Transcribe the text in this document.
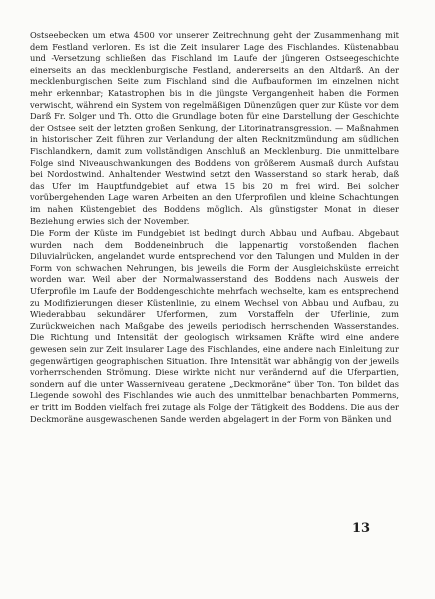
Ostseebecken um etwa 4500 vor unserer Zeitrechnung geht der Zusammenhang mit dem Festland verloren. Es ist die Zeit insularer Lage des Fischlandes. Küstenabbau und -Versetzung schließen das Fischland im Laufe der jüngeren Ostseegeschichte einerseits an das mecklenburgische Festland, andererseits an den Altdarß. An der mecklenburgischen Seite zum Fischland sind die Aufbauformen im einzelnen nicht mehr erkennbar; Katastrophen bis in die jüngste Vergangenheit haben die Formen verwischt, während ein System von regelmäßigen Dünenzügen quer zur Küste vor dem Darß Fr. Solger und Th. Otto die Grundlage boten für eine Darstellung der Geschichte der Ostsee seit der letzten großen Senkung, der Litorinatransgression. — Maßnahmen in historischer Zeit führen zur Verlandung der alten Recknitzmündung am südlichen Fischlandkern, damit zum vollständigen Anschluß an Mecklenburg. Die unmittelbare Folge sind Niveauschwankungen des Boddens von größerem Ausmaß durch Aufstau bei Nordostwind. Anhaltender Westwind setzt den Wasserstand so stark herab, daß das Ufer im Hauptfundgebiet auf etwa 15 bis 20 m frei wird. Bei solcher vorübergehenden Lage waren Arbeiten an den Uferprofilen und kleine Schachtungen im nahen Küstengebiet des Boddens möglich. Als günstigster Monat in dieser Beziehung erwies sich der November.

Die Form der Küste im Fundgebiet ist bedingt durch Abbau und Aufbau. Abgebaut wurden nach dem Boddeneinbruch die lappenartig vorstoßenden flachen Diluvialrücken, angelandet wurde entsprechend vor den Talungen und Mulden in der Form von schwachen Nehrungen, bis jeweils die Form der Ausgleichsküste erreicht worden war. Weil aber der Normalwasserstand des Boddens nach Ausweis der Uferprofile im Laufe der Boddengeschichte mehrfach wechselte, kam es entsprechend zu Modifizierungen dieser Küstenlinie, zu einem Wechsel von Abbau und Aufbau, zu Wiederabbau sekundärer Uferformen, zum Vorstaffeln der Uferlinie, zum Zurückweichen nach Maßgabe des jeweils periodisch herrschenden Wasserstandes. Die Richtung und Intensität der geologisch wirksamen Kräfte wird eine andere gewesen sein zur Zeit insularer Lage des Fischlandes, eine andere nach Einleitung zur gegenwärtigen geographischen Situation. Ihre Intensität war abhängig von der jeweils vorherrschenden Strömung. Diese wirkte nicht nur verändernd auf die Uferpartien, sondern auf die unter Wasserniveau geratene „Deckmoräne“ über Ton. Ton bildet das Liegende sowohl des Fischlandes wie auch des unmittelbar benachbarten Pommerns, er tritt im Bodden vielfach frei zutage als Folge der Tätigkeit des Boddens. Die aus der Deckmoräne ausgewaschenen Sande werden abgelagert in der Form von Bänken und

13
